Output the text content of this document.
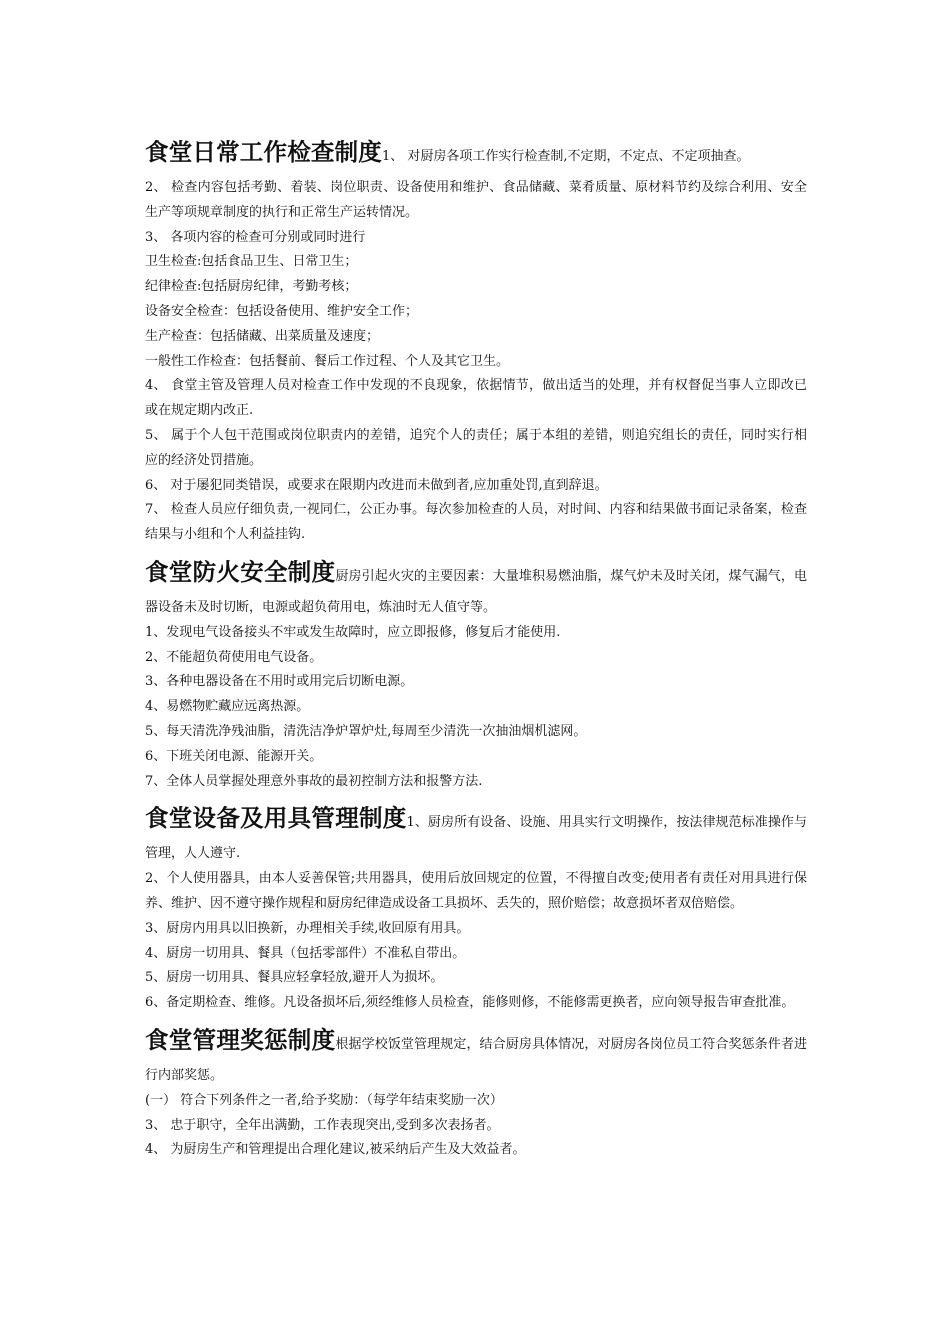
食堂日常工作检查制度1、 对厨房各项工作实行检查制,不定期，不定点、不定项抽查。

2、 检查内容包括考勤、着装、岗位职责、设备使用和维护、食品储藏、菜肴质量、原材料节约及综合利用、安全生产等项规章制度的执行和正常生产运转情况。

3、 各项内容的检查可分别或同时进行

卫生检查:包括食品卫生、日常卫生；

纪律检查:包括厨房纪律，考勤考核；

设备安全检查：包括设备使用、维护安全工作；

生产检查：包括储藏、出菜质量及速度；

一般性工作检查：包括餐前、餐后工作过程、个人及其它卫生。

4、 食堂主管及管理人员对检查工作中发现的不良现象，依据情节，做出适当的处理，并有权督促当事人立即改已或在规定期内改正.

5、 属于个人包干范围或岗位职责内的差错，追究个人的责任；属于本组的差错，则追究组长的责任，同时实行相应的经济处罚措施。

6、 对于屡犯同类错误，或要求在限期内改进而未做到者,应加重处罚,直到辞退。

7、 检查人员应仔细负责,一视同仁，公正办事。每次参加检查的人员，对时间、内容和结果做书面记录备案，检查结果与小组和个人利益挂钩.

食堂防火安全制度厨房引起火灾的主要因素：大量堆积易燃油脂，煤气炉未及时关闭，煤气漏气，电器设备未及时切断，电源或超负荷用电，炼油时无人值守等。

1、发现电气设备接头不牢或发生故障时，应立即报修，修复后才能使用.

2、不能超负荷使用电气设备。

3、各种电器设备在不用时或用完后切断电源。

4、易燃物贮藏应远离热源。

5、每天清洗净残油脂，清洗洁净炉罩炉灶,每周至少清洗一次抽油烟机滤网。

6、下班关闭电源、能源开关。

7、全体人员掌握处理意外事故的最初控制方法和报警方法.

食堂设备及用具管理制度1、厨房所有设备、设施、用具实行文明操作，按法律规范标准操作与管理，人人遵守.

2、个人使用器具，由本人妥善保管;共用器具，使用后放回规定的位置，不得擅自改变;使用者有责任对用具进行保养、维护、因不遵守操作规程和厨房纪律造成设备工具损坏、丢失的，照价赔偿；故意损坏者双倍赔偿。

3、厨房内用具以旧换新，办理相关手续,收回原有用具。

4、厨房一切用具、餐具（包括零部件）不准私自带出。

5、厨房一切用具、餐具应轻拿轻放,避开人为损坏。

6、备定期检查、维修。凡设备损坏后,须经维修人员检查，能修则修，不能修需更换者，应向领导报告审查批准。

食堂管理奖惩制度根据学校饭堂管理规定，结合厨房具体情况，对厨房各岗位员工符合奖惩条件者进行内部奖惩。

(一） 符合下列条件之一者,给予奖励：（每学年结束奖励一次）

3、 忠于职守，全年出满勤，工作表现突出,受到多次表扬者。

4、 为厨房生产和管理提出合理化建议,被采纳后产生及大效益者。
